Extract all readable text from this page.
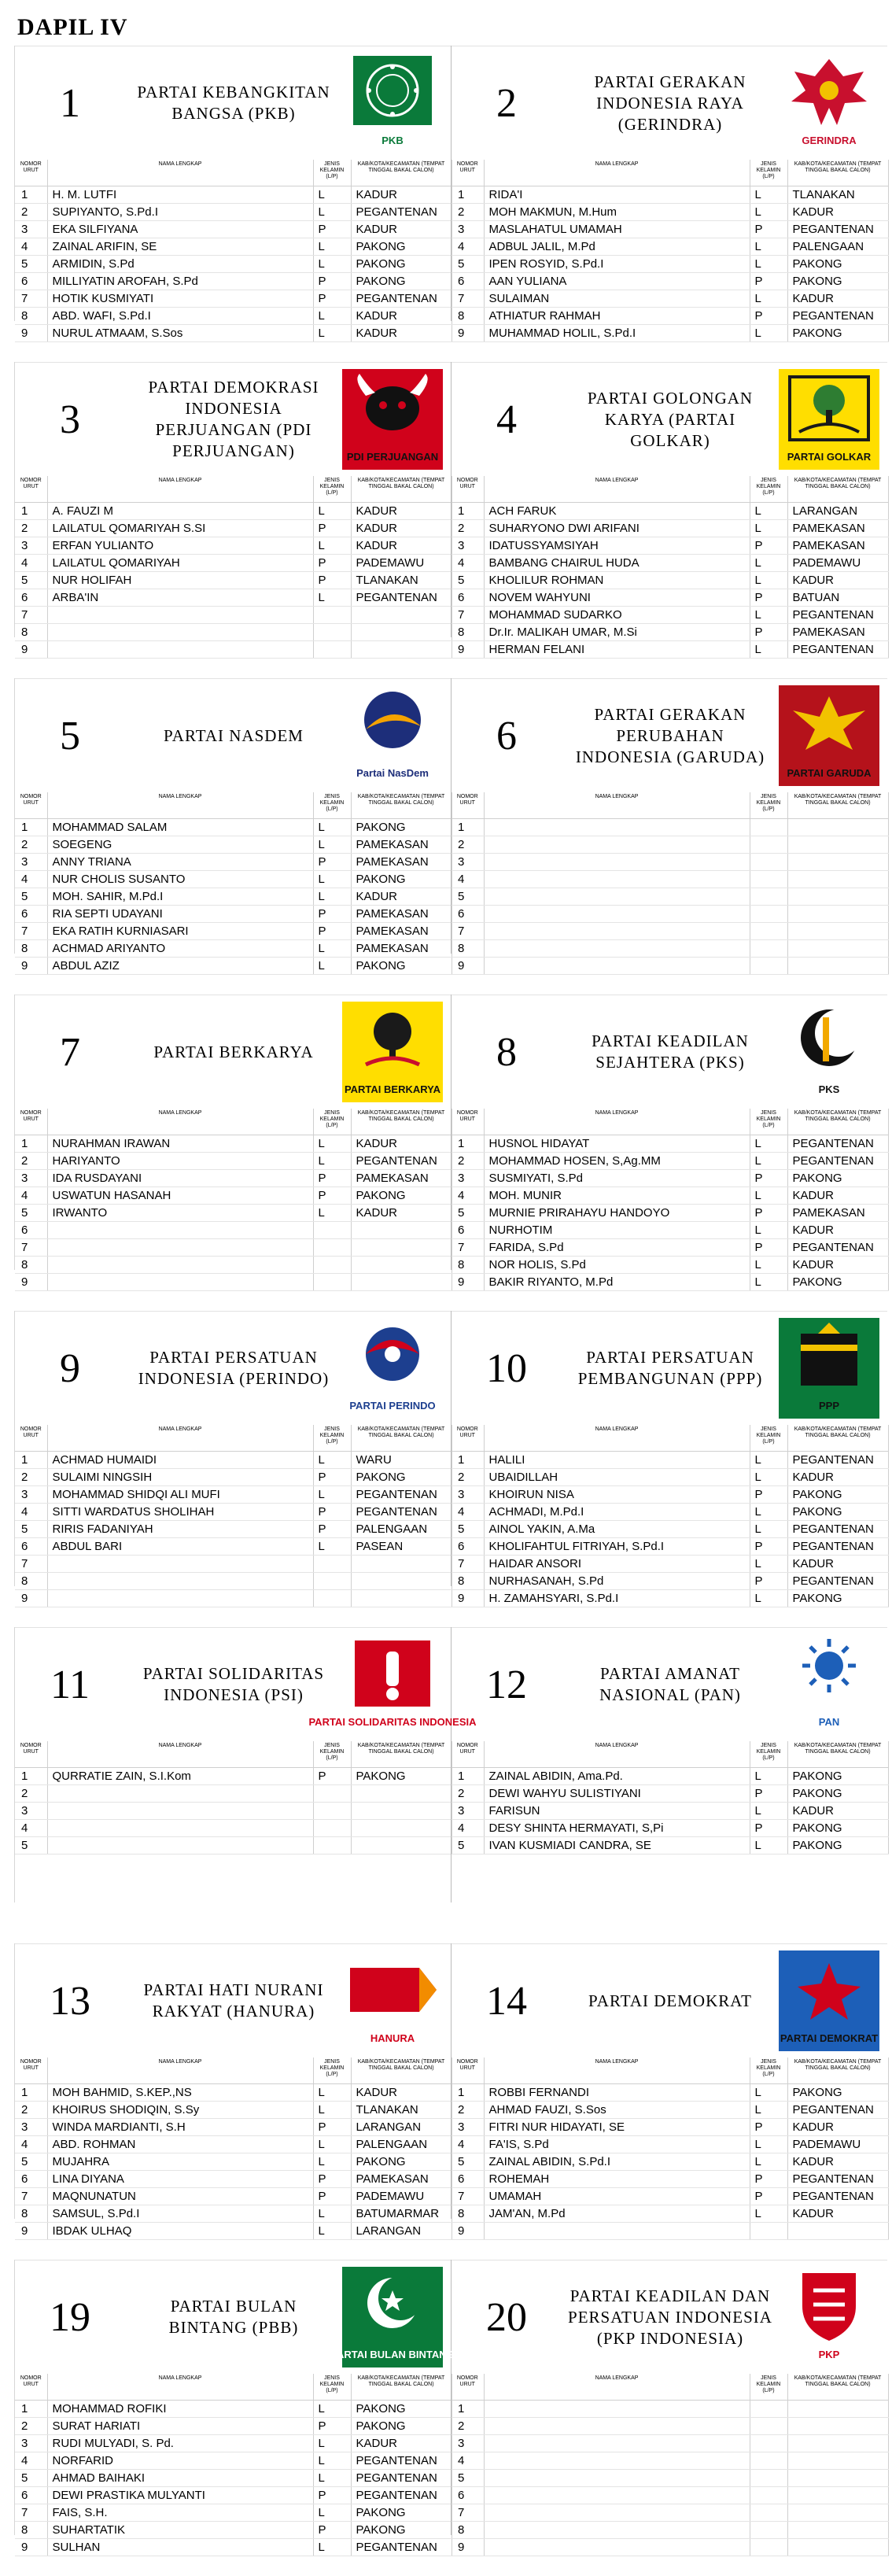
DAPIL IV
1	PARTAI KEBANGKITAN BANGSA (PKB)
PKB
NOMOR URUT	NAMA LENGKAP	JENIS KELAMIN (L/P)	KAB/KOTA/KECAMATAN (TEMPAT TINGGAL BAKAL CALON)
1	H. M. LUTFI	L	KADUR
2	SUPIYANTO, S.Pd.I	L	PEGANTENAN
3	EKA SILFIYANA	P	KADUR
4	ZAINAL ARIFIN, SE	L	PAKONG
5	ARMIDIN, S.Pd	L	PAKONG
6	MILLIYATIN AROFAH, S.Pd	P	PAKONG
7	HOTIK KUSMIYATI	P	PEGANTENAN
8	ABD. WAFI, S.Pd.I	L	KADUR
9	NURUL ATMAAM, S.Sos	L	KADUR
2	PARTAI GERAKAN INDONESIA RAYA (GERINDRA)
GERINDRA
NOMOR URUT	NAMA LENGKAP	JENIS KELAMIN (L/P)	KAB/KOTA/KECAMATAN (TEMPAT TINGGAL BAKAL CALON)
1	RIDA'I	L	TLANAKAN
2	MOH MAKMUN, M.Hum	L	KADUR
3	MASLAHATUL UMAMAH	P	PEGANTENAN
4	ADBUL JALIL, M.Pd	L	PALENGAAN
5	IPEN ROSYID, S.Pd.I	L	PAKONG
6	AAN YULIANA	P	PAKONG
7	SULAIMAN	L	KADUR
8	ATHIATUR RAHMAH	P	PEGANTENAN
9	MUHAMMAD HOLIL, S.Pd.I	L	PAKONG
3
PARTAI DEMOKRASI INDONESIA PERJUANGAN (PDI PERJUANGAN)	PDI PERJUANGAN
NOMOR URUT	NAMA LENGKAP	JENIS KELAMIN (L/P)	KAB/KOTA/KECAMATAN (TEMPAT TINGGAL BAKAL CALON)
1	A. FAUZI M	L	KADUR
2	LAILATUL QOMARIYAH S.SI	P	KADUR
3	ERFAN YULIANTO	L	KADUR
4	LAILATUL QOMARIYAH	P	PADEMAWU
5	NUR HOLIFAH	P	TLANAKAN
6	ARBA'IN	L	PEGANTENAN
7			
8			
9			
4	PARTAI GOLONGAN KARYA (PARTAI GOLKAR)
PARTAI GOLKAR
NOMOR URUT	NAMA LENGKAP	JENIS KELAMIN (L/P)	KAB/KOTA/KECAMATAN (TEMPAT TINGGAL BAKAL CALON)
1	ACH FARUK	L	LARANGAN
2	SUHARYONO DWI ARIFANI	L	PAMEKASAN
3	IDATUSSYAMSIYAH	P	PAMEKASAN
4	BAMBANG CHAIRUL HUDA	L	PADEMAWU
5	KHOLILUR ROHMAN	L	KADUR
6	NOVEM WAHYUNI	P	BATUAN
7	MOHAMMAD SUDARKO	L	PEGANTENAN
8	Dr.Ir. MALIKAH UMAR, M.Si	P	PAMEKASAN
9	HERMAN FELANI	L	PEGANTENAN
5	PARTAI NASDEM
Partai NasDem
NOMOR URUT	NAMA LENGKAP	JENIS KELAMIN (L/P)	KAB/KOTA/KECAMATAN (TEMPAT TINGGAL BAKAL CALON)
1	MOHAMMAD SALAM	L	PAKONG
2	SOEGENG	L	PAMEKASAN
3	ANNY TRIANA	P	PAMEKASAN
4	NUR CHOLIS SUSANTO	L	PAKONG
5	MOH. SAHIR, M.Pd.I	L	KADUR
6	RIA SEPTI UDAYANI	P	PAMEKASAN
7	EKA RATIH KURNIASARI	P	PAMEKASAN
8	ACHMAD ARIYANTO	L	PAMEKASAN
9	ABDUL AZIZ	L	PAKONG
6	PARTAI GERAKAN PERUBAHAN INDONESIA (GARUDA)
PARTAI GARUDA
NOMOR URUT	NAMA LENGKAP	JENIS KELAMIN (L/P)	KAB/KOTA/KECAMATAN (TEMPAT TINGGAL BAKAL CALON)
1			
2			
3			
4			
5			
6			
7			
8			
9			
7	PARTAI BERKARYA
PARTAI BERKARYA
NOMOR URUT	NAMA LENGKAP	JENIS KELAMIN (L/P)	KAB/KOTA/KECAMATAN (TEMPAT TINGGAL BAKAL CALON)
1	NURAHMAN IRAWAN	L	KADUR
2	HARIYANTO	L	PEGANTENAN
3	IDA RUSDAYANI	P	PAMEKASAN
4	USWATUN HASANAH	P	PAKONG
5	IRWANTO	L	KADUR
6			
7			
8			
9			
8	PARTAI KEADILAN SEJAHTERA (PKS)
PKS
NOMOR URUT	NAMA LENGKAP	JENIS KELAMIN (L/P)	KAB/KOTA/KECAMATAN (TEMPAT TINGGAL BAKAL CALON)
1	HUSNOL HIDAYAT	L	PEGANTENAN
2	MOHAMMAD HOSEN, S,Ag.MM	L	PEGANTENAN
3	SUSMIYATI, S.Pd	P	PAKONG
4	MOH. MUNIR	L	KADUR
5	MURNIE PRIRAHAYU HANDOYO	P	PAMEKASAN
6	NURHOTIM	L	KADUR
7	FARIDA, S.Pd	P	PEGANTENAN
8	NOR HOLIS, S.Pd	L	KADUR
9	BAKIR RIYANTO, M.Pd	L	PAKONG
9	PARTAI PERSATUAN INDONESIA (PERINDO)
PARTAI PERINDO
NOMOR URUT	NAMA LENGKAP	JENIS KELAMIN (L/P)	KAB/KOTA/KECAMATAN (TEMPAT TINGGAL BAKAL CALON)
1	ACHMAD HUMAIDI	L	WARU
2	SULAIMI NINGSIH	P	PAKONG
3	MOHAMMAD SHIDQI ALI MUFI	L	PEGANTENAN
4	SITTI WARDATUS SHOLIHAH	P	PEGANTENAN
5	RIRIS FADANIYAH	P	PALENGAAN
6	ABDUL BARI	L	PASEAN
7			
8			
9			
10	PARTAI PERSATUAN PEMBANGUNAN (PPP)
PPP
NOMOR URUT	NAMA LENGKAP	JENIS KELAMIN (L/P)	KAB/KOTA/KECAMATAN (TEMPAT TINGGAL BAKAL CALON)
1	HALILI	L	PEGANTENAN
2	UBAIDILLAH	L	KADUR
3	KHOIRUN NISA	P	PAKONG
4	ACHMADI, M.Pd.I	L	PAKONG
5	AINOL YAKIN, A.Ma	L	PEGANTENAN
6	KHOLIFAHTUL FITRIYAH, S.Pd.I	P	PEGANTENAN
7	HAIDAR ANSORI	L	KADUR
8	NURHASANAH, S.Pd	P	PEGANTENAN
9	H. ZAMAHSYARI, S.Pd.I	L	PAKONG
11	PARTAI SOLIDARITAS INDONESIA (PSI)
PARTAI SOLIDARITAS INDONESIA
NOMOR URUT	NAMA LENGKAP	JENIS KELAMIN (L/P)	KAB/KOTA/KECAMATAN (TEMPAT TINGGAL BAKAL CALON)
1	QURRATIE ZAIN, S.I.Kom	P	PAKONG
2			
3			
4			
5			
12	PARTAI AMANAT NASIONAL (PAN)
PAN
NOMOR URUT	NAMA LENGKAP	JENIS KELAMIN (L/P)	KAB/KOTA/KECAMATAN (TEMPAT TINGGAL BAKAL CALON)
1	ZAINAL ABIDIN, Ama.Pd.	L	PAKONG
2	DEWI WAHYU SULISTIYANI	P	PAKONG
3	FARISUN	L	KADUR
4	DESY SHINTA HERMAYATI, S,Pi	P	PAKONG
5	IVAN KUSMIADI CANDRA, SE	L	PAKONG
13	PARTAI HATI NURANI RAKYAT (HANURA)
HANURA
NOMOR URUT	NAMA LENGKAP	JENIS KELAMIN (L/P)	KAB/KOTA/KECAMATAN (TEMPAT TINGGAL BAKAL CALON)
1	MOH BAHMID, S.KEP.,NS	L	KADUR
2	KHOIRUS SHODIQIN, S.Sy	L	TLANAKAN
3	WINDA MARDIANTI, S.H	P	LARANGAN
4	ABD. ROHMAN	L	PALENGAAN
5	MUJAHRA	L	PAKONG
6	LINA DIYANA	P	PAMEKASAN
7	MAQNUNATUN	P	PADEMAWU
8	SAMSUL, S.Pd.I	L	BATUMARMAR
9	IBDAK ULHAQ	L	LARANGAN
14	PARTAI DEMOKRAT
PARTAI DEMOKRAT
NOMOR URUT	NAMA LENGKAP	JENIS KELAMIN (L/P)	KAB/KOTA/KECAMATAN (TEMPAT TINGGAL BAKAL CALON)
1	ROBBI FERNANDI	L	PAKONG
2	AHMAD FAUZI, S.Sos	L	PEGANTENAN
3	FITRI NUR HIDAYATI, SE	P	KADUR
4	FA'IS, S.Pd	L	PADEMAWU
5	ZAINAL ABIDIN, S.Pd.I	L	KADUR
6	ROHEMAH	P	PEGANTENAN
7	UMAMAH	P	PEGANTENAN
8	JAM'AN, M.Pd	L	KADUR
9			
19	PARTAI BULAN BINTANG (PBB)
PARTAI BULAN BINTANG
NOMOR URUT	NAMA LENGKAP	JENIS KELAMIN (L/P)	KAB/KOTA/KECAMATAN (TEMPAT TINGGAL BAKAL CALON)
1	MOHAMMAD ROFIKI	L	PAKONG
2	SURAT HARIATI	P	PAKONG
3	RUDI MULYADI, S. Pd.	L	KADUR
4	NORFARID	L	PEGANTENAN
5	AHMAD BAIHAKI	L	PEGANTENAN
6	DEWI PRASTIKA MULYANTI	P	PEGANTENAN
7	FAIS, S.H.	L	PAKONG
8	SUHARTATIK	P	PAKONG
9	SULHAN	L	PEGANTENAN
20	PARTAI KEADILAN DAN PERSATUAN INDONESIA (PKP INDONESIA)
PKP
NOMOR URUT	NAMA LENGKAP	JENIS KELAMIN (L/P)	KAB/KOTA/KECAMATAN (TEMPAT TINGGAL BAKAL CALON)
1			
2			
3			
4			
5			
6			
7			
8			
9			
